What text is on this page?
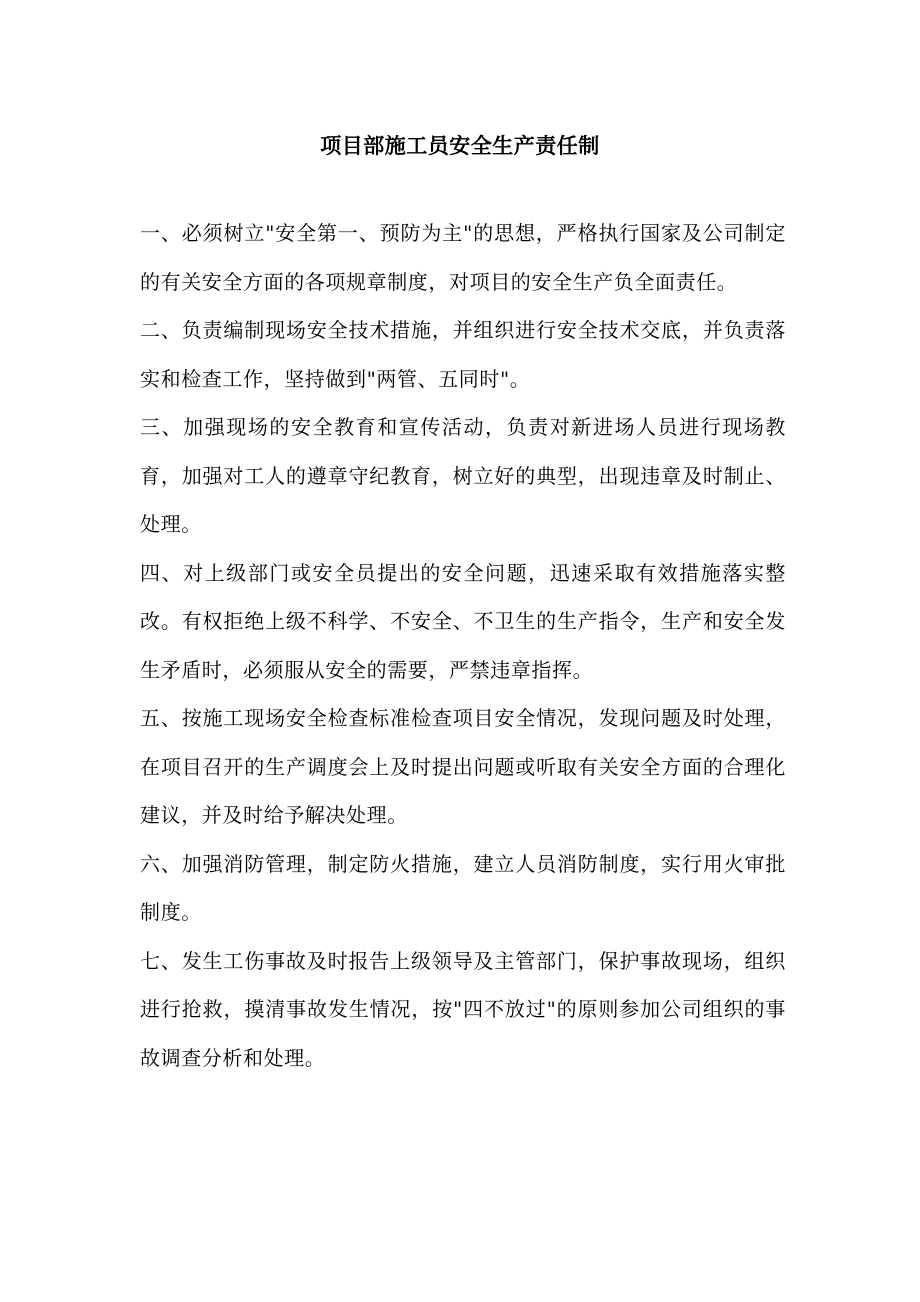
项目部施工员安全生产责任制

一、必须树立"安全第一、预防为主"的思想，严格执行国家及公司制定的有关安全方面的各项规章制度，对项目的安全生产负全面责任。

二、负责编制现场安全技术措施，并组织进行安全技术交底，并负责落实和检查工作，坚持做到"两管、五同时"。

三、加强现场的安全教育和宣传活动，负责对新进场人员进行现场教育，加强对工人的遵章守纪教育，树立好的典型，出现违章及时制止、处理。

四、对上级部门或安全员提出的安全问题，迅速采取有效措施落实整改。有权拒绝上级不科学、不安全、不卫生的生产指令，生产和安全发生矛盾时，必须服从安全的需要，严禁违章指挥。

五、按施工现场安全检查标准检查项目安全情况，发现问题及时处理，在项目召开的生产调度会上及时提出问题或听取有关安全方面的合理化建议，并及时给予解决处理。

六、加强消防管理，制定防火措施，建立人员消防制度，实行用火审批制度。

七、发生工伤事故及时报告上级领导及主管部门，保护事故现场，组织进行抢救，摸清事故发生情况，按"四不放过"的原则参加公司组织的事故调查分析和处理。
